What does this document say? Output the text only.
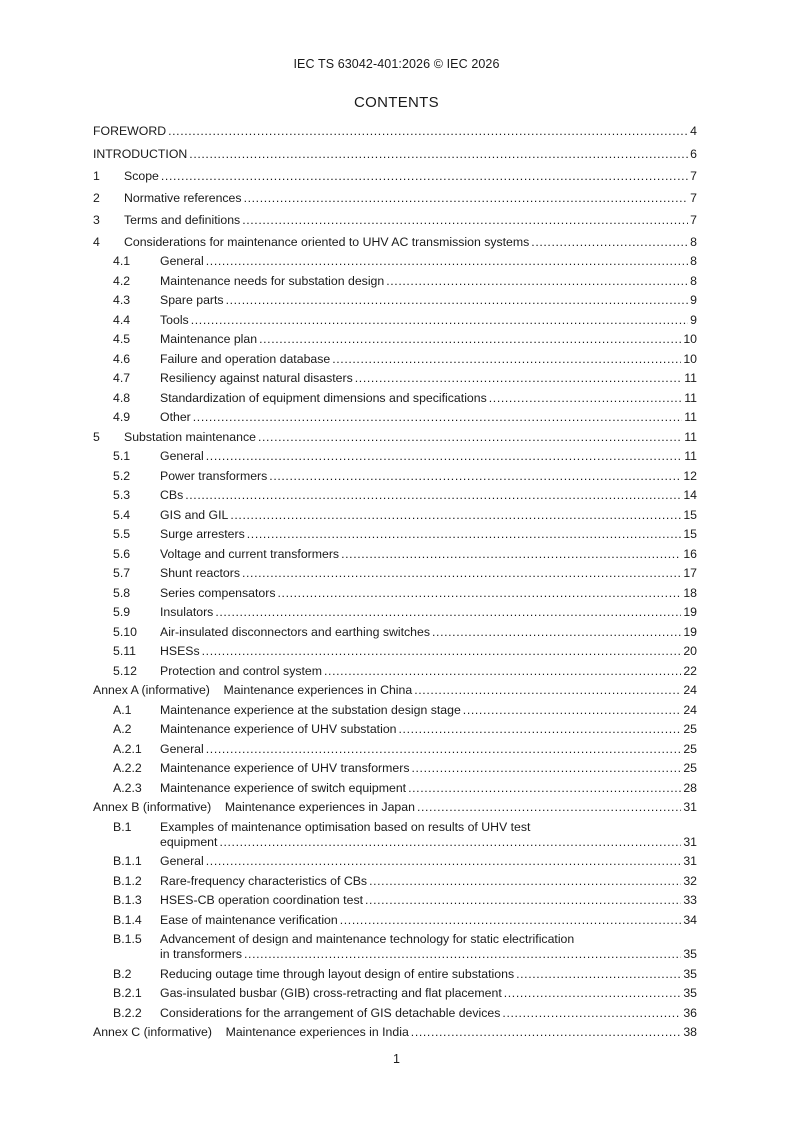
IEC TS 63042-401:2026 © IEC 2026
CONTENTS
FOREWORD . . .	4
INTRODUCTION . . .	6
1	Scope . . .	7
2	Normative references . . .	7
3	Terms and definitions . . .	7
4	Considerations for maintenance oriented to UHV AC transmission systems . . .	8
4.1	General . . .	8
4.2	Maintenance needs for substation design . . .	8
4.3	Spare parts . . .	9
4.4	Tools . . .	9
4.5	Maintenance plan . . .	10
4.6	Failure and operation database . . .	10
4.7	Resiliency against natural disasters . . .	11
4.8	Standardization of equipment dimensions and specifications . . .	11
4.9	Other . . .	11
5	Substation maintenance . . .	11
5.1	General . . .	11
5.2	Power transformers . . .	12
5.3	CBs . . .	14
5.4	GIS and GIL . . .	15
5.5	Surge arresters . . .	15
5.6	Voltage and current transformers . . .	16
5.7	Shunt reactors . . .	17
5.8	Series compensators . . .	18
5.9	Insulators . . .	19
5.10	Air-insulated disconnectors and earthing switches . . .	19
5.11	HSESs . . .	20
5.12	Protection and control system . . .	22
Annex A (informative)    Maintenance experiences in China . . .	24
A.1	Maintenance experience at the substation design stage . . .	24
A.2	Maintenance experience of UHV substation . . .	25
A.2.1	General . . .	25
A.2.2	Maintenance experience of UHV transformers . . .	25
A.2.3	Maintenance experience of switch equipment . . .	28
Annex B (informative)    Maintenance experiences in Japan . . .	31
B.1	Examples of maintenance optimisation based on results of UHV test
equipment . . .	31
B.1.1	General . . .	31
B.1.2	Rare-frequency characteristics of CBs . . .	32
B.1.3	HSES-CB operation coordination test . . .	33
B.1.4	Ease of maintenance verification . . .	34
B.1.5	Advancement of design and maintenance technology for static electrification
in transformers . . .	35
B.2	Reducing outage time through layout design of entire substations . . .	35
B.2.1	Gas-insulated busbar (GIB) cross-retracting and flat placement . . .	35
B.2.2	Considerations for the arrangement of GIS detachable devices . . .	36
Annex C (informative)    Maintenance experiences in India . . .	38
1
